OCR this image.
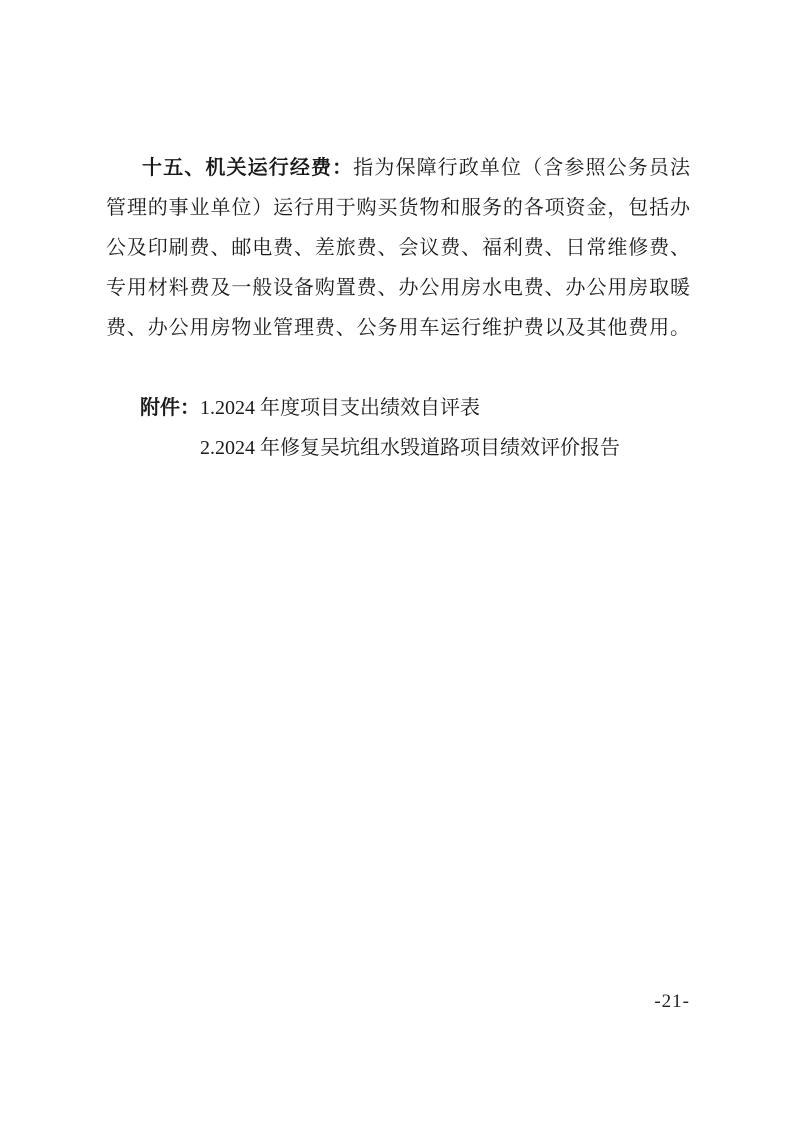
十五、机关运行经费：指为保障行政单位（含参照公务员法
管理的事业单位）运行用于购买货物和服务的各项资金，包括办
公及印刷费、邮电费、差旅费、会议费、福利费、日常维修费、
专用材料费及一般设备购置费、办公用房水电费、办公用房取暖
费、办公用房物业管理费、公务用车运行维护费以及其他费用。
附件：1.2024 年度项目支出绩效自评表
2.2024 年修复吴坑组水毁道路项目绩效评价报告
-21-
